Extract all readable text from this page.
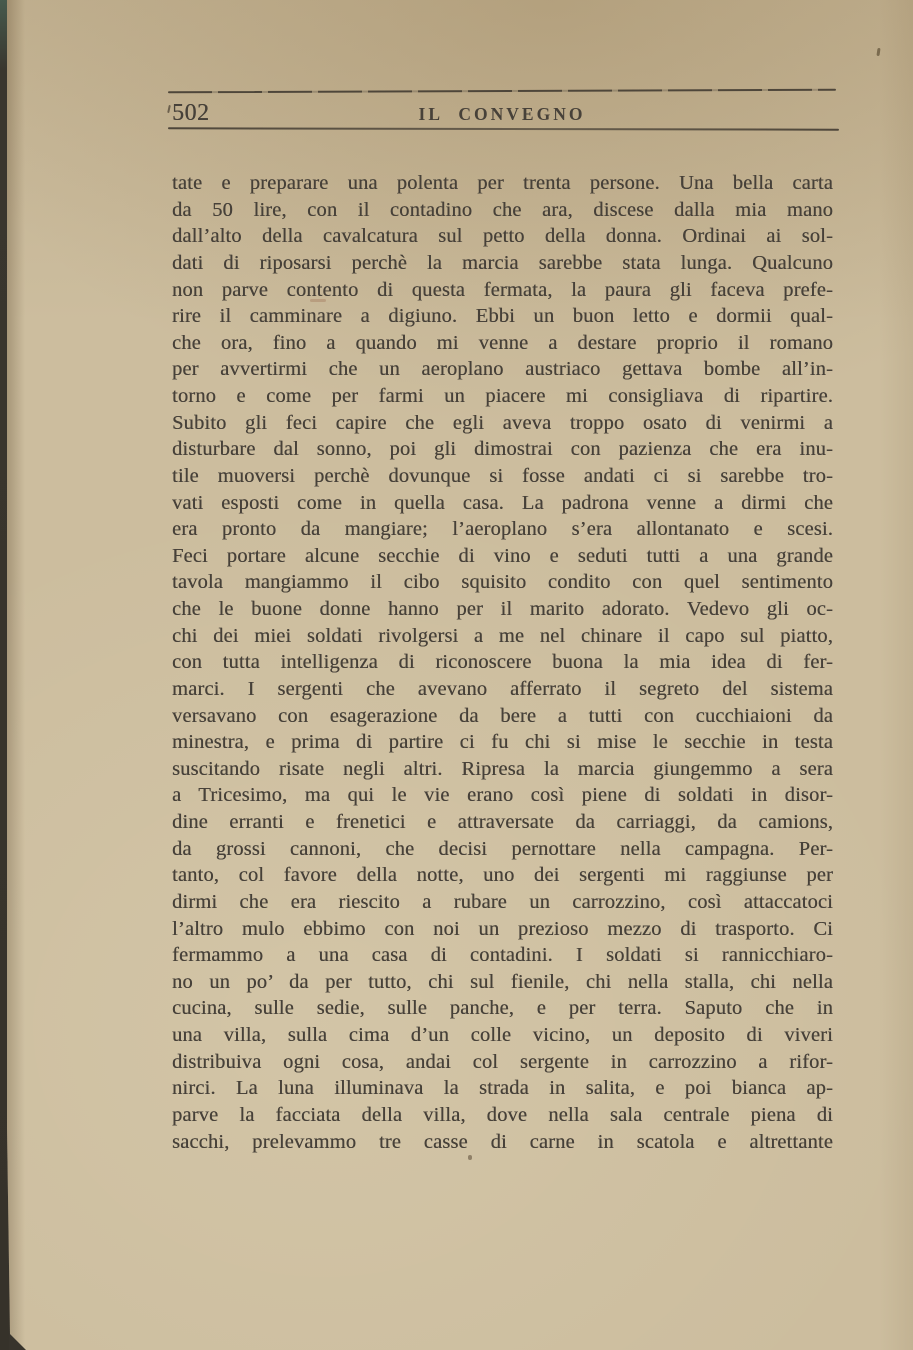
502	IL CONVEGNO
tate e preparare una polenta per trenta persone. Una bella carta
da 50 lire, con il contadino che ara, discese dalla mia mano
dall’alto della cavalcatura sul petto della donna. Ordinai ai sol-
dati di riposarsi perchè la marcia sarebbe stata lunga. Qualcuno
non parve contento di questa fermata, la paura gli faceva prefe-
rire il camminare a digiuno. Ebbi un buon letto e dormii qual-
che ora, fino a quando mi venne a destare proprio il romano
per avvertirmi che un aeroplano austriaco gettava bombe all’in-
torno e come per farmi un piacere mi consigliava di ripartire.
Subito gli feci capire che egli aveva troppo osato di venirmi a
disturbare dal sonno, poi gli dimostrai con pazienza che era inu-
tile muoversi perchè dovunque si fosse andati ci si sarebbe tro-
vati esposti come in quella casa. La padrona venne a dirmi che
era pronto da mangiare; l’aeroplano s’era allontanato e scesi.
Feci portare alcune secchie di vino e seduti tutti a una grande
tavola mangiammo il cibo squisito condito con quel sentimento
che le buone donne hanno per il marito adorato. Vedevo gli oc-
chi dei miei soldati rivolgersi a me nel chinare il capo sul piatto,
con tutta intelligenza di riconoscere buona la mia idea di fer-
marci. I sergenti che avevano afferrato il segreto del sistema
versavano con esagerazione da bere a tutti con cucchiaioni da
minestra, e prima di partire ci fu chi si mise le secchie in testa
suscitando risate negli altri. Ripresa la marcia giungemmo a sera
a Tricesimo, ma qui le vie erano così piene di soldati in disor-
dine erranti e frenetici e attraversate da carriaggi, da camions,
da grossi cannoni, che decisi pernottare nella campagna. Per-
tanto, col favore della notte, uno dei sergenti mi raggiunse per
dirmi che era riescito a rubare un carrozzino, così attaccatoci
l’altro mulo ebbimo con noi un prezioso mezzo di trasporto. Ci
fermammo a una casa di contadini. I soldati si rannicchiaro-
no un po’ da per tutto, chi sul fienile, chi nella stalla, chi nella
cucina, sulle sedie, sulle panche, e per terra. Saputo che in
una villa, sulla cima d’un colle vicino, un deposito di viveri
distribuiva ogni cosa, andai col sergente in carrozzino a rifor-
nirci. La luna illuminava la strada in salita, e poi bianca ap-
parve la facciata della villa, dove nella sala centrale piena di
sacchi, prelevammo tre casse di carne in scatola e altrettante
